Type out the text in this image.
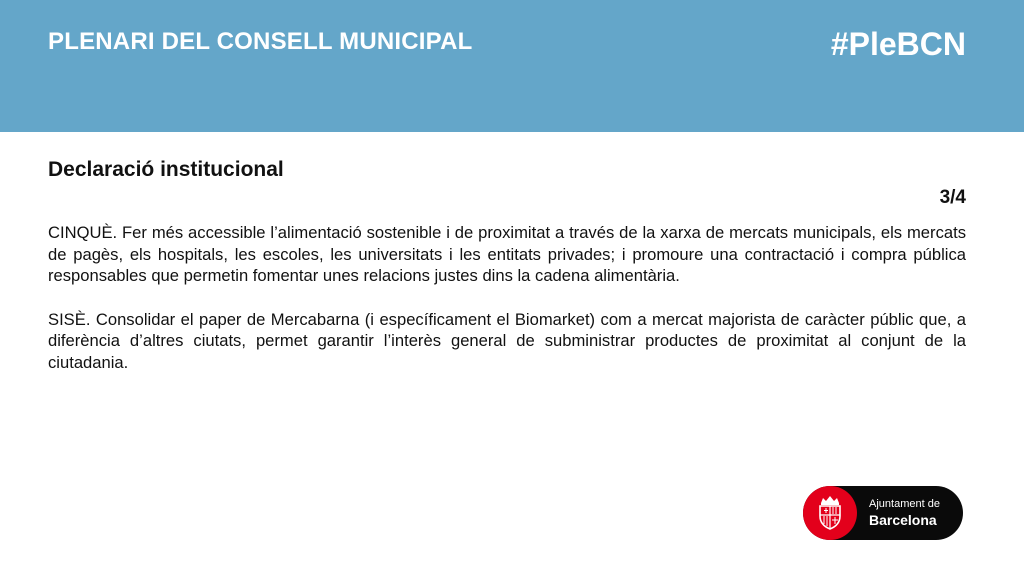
PLENARI DEL CONSELL MUNICIPAL	#PleBCN
Declaració institucional
3/4

CINQUÈ. Fer més accessible l’alimentació sostenible i de proximitat a través de la xarxa de mercats municipals, els mercats de pagès, els hospitals, les escoles, les universitats i les entitats privades; i promoure una contractació i compra pública responsables que permetin fomentar unes relacions justes dins la cadena alimentària.

SISÈ. Consolidar el paper de Mercabarna (i específicament el Biomarket) com a mercat majorista de caràcter públic que, a diferència d’altres ciutats, permet garantir l’interès general de subministrar productes de proximitat al conjunt de la ciutadania.

Ajuntament de
Barcelona
